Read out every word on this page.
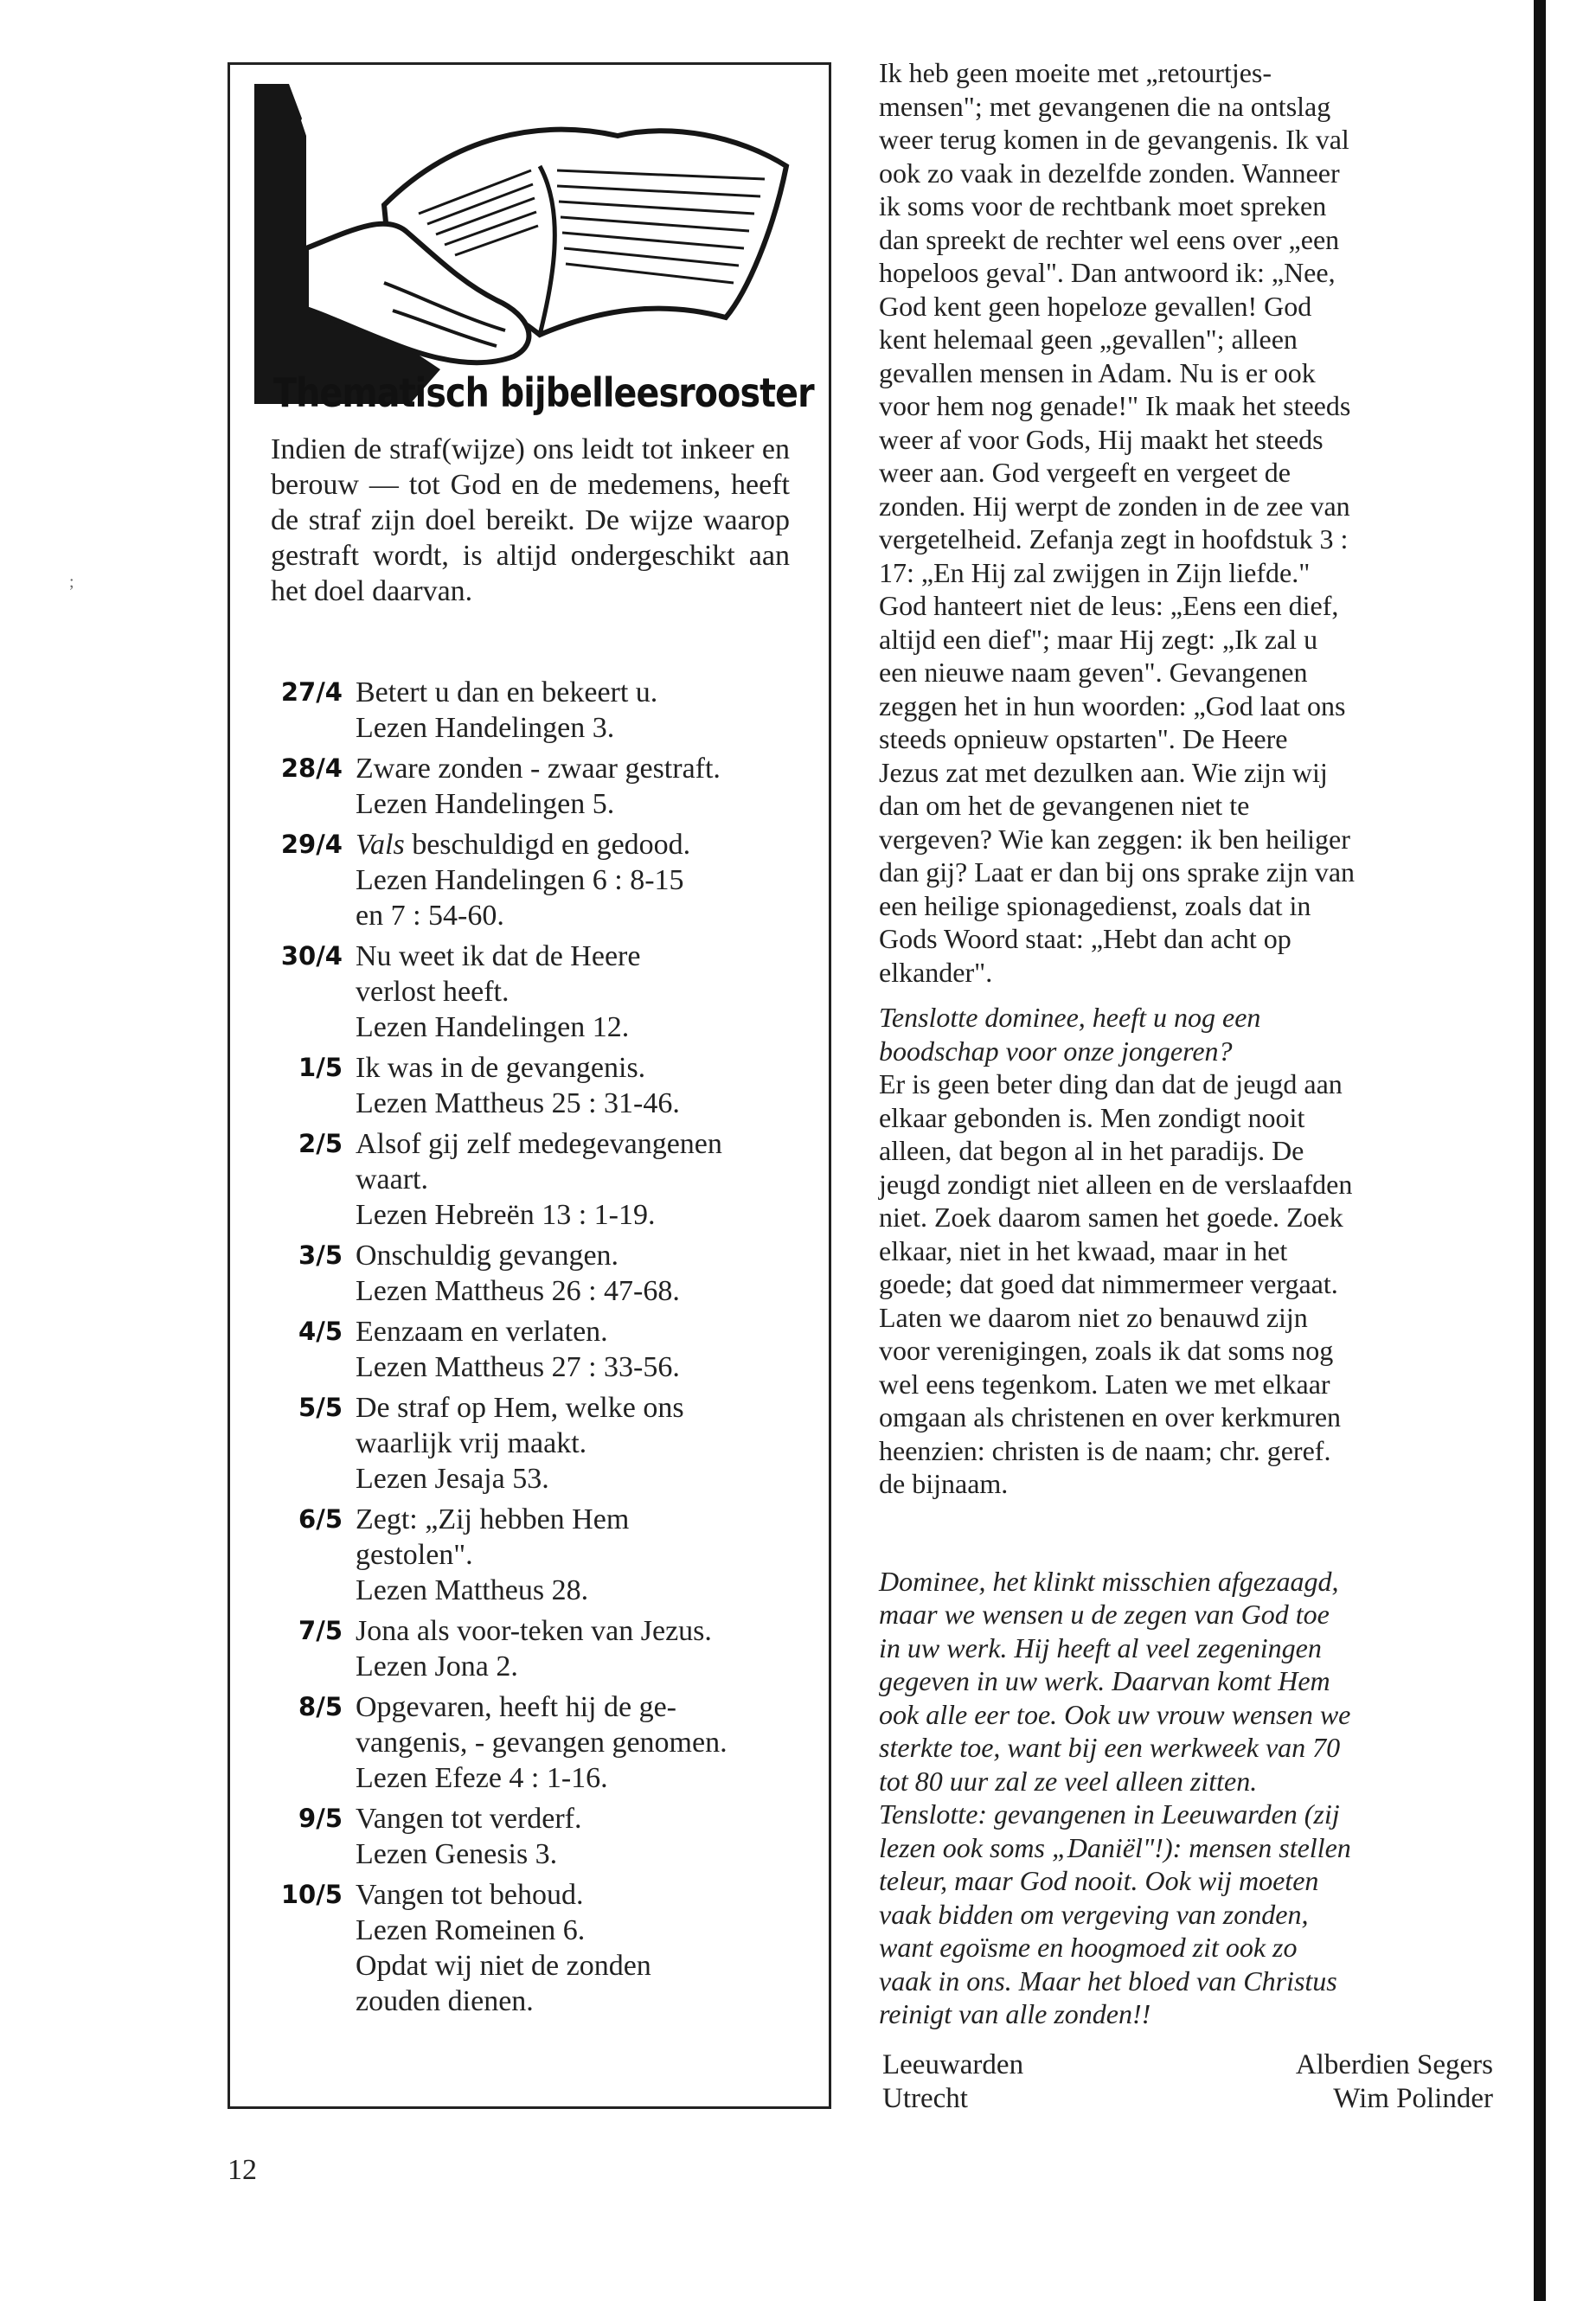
;
Thematisch bijbelleesrooster

Indien de straf(wijze) ons leidt tot inkeer en berouw — tot God en de medemens, heeft de straf zijn doel bereikt. De wijze waarop gestraft wordt, is altijd ondergeschikt aan het doel daarvan.

27/4 Betert u dan en bekeert u.
Lezen Handelingen 3.
28/4 Zware zonden - zwaar gestraft.
Lezen Handelingen 5.
29/4 Vals beschuldigd en gedood.
Lezen Handelingen 6 : 8-15
en 7 : 54-60.
30/4 Nu weet ik dat de Heere
verlost heeft.
Lezen Handelingen 12.
1/5 Ik was in de gevangenis.
Lezen Mattheus 25 : 31-46.
2/5 Alsof gij zelf medegevangenen
waart.
Lezen Hebreën 13 : 1-19.
3/5 Onschuldig gevangen.
Lezen Mattheus 26 : 47-68.
4/5 Eenzaam en verlaten.
Lezen Mattheus 27 : 33-56.
5/5 De straf op Hem, welke ons
waarlijk vrij maakt.
Lezen Jesaja 53.
6/5 Zegt: „Zij hebben Hem
gestolen".
Lezen Mattheus 28.
7/5 Jona als voor-teken van Jezus.
Lezen Jona 2.
8/5 Opgevaren, heeft hij de ge-
vangenis, - gevangen genomen.
Lezen Efeze 4 : 1-16.
9/5 Vangen tot verderf.
Lezen Genesis 3.
10/5 Vangen tot behoud.
Lezen Romeinen 6.
Opdat wij niet de zonden
zouden dienen.

Ik heb geen moeite met „retourtjes-
mensen"; met gevangenen die na ontslag
weer terug komen in de gevangenis. Ik val
ook zo vaak in dezelfde zonden. Wanneer
ik soms voor de rechtbank moet spreken
dan spreekt de rechter wel eens over „een
hopeloos geval". Dan antwoord ik: „Nee,
God kent geen hopeloze gevallen! God
kent helemaal geen „gevallen"; alleen
gevallen mensen in Adam. Nu is er ook
voor hem nog genade!" Ik maak het steeds
weer af voor Gods, Hij maakt het steeds
weer aan. God vergeeft en vergeet de
zonden. Hij werpt de zonden in de zee van
vergetelheid. Zefanja zegt in hoofdstuk 3 :
17: „En Hij zal zwijgen in Zijn liefde."
God hanteert niet de leus: „Eens een dief,
altijd een dief"; maar Hij zegt: „Ik zal u
een nieuwe naam geven". Gevangenen
zeggen het in hun woorden: „God laat ons
steeds opnieuw opstarten". De Heere
Jezus zat met dezulken aan. Wie zijn wij
dan om het de gevangenen niet te
vergeven? Wie kan zeggen: ik ben heiliger
dan gij? Laat er dan bij ons sprake zijn van
een heilige spionagedienst, zoals dat in
Gods Woord staat: „Hebt dan acht op
elkander".

Tenslotte dominee, heeft u nog een
boodschap voor onze jongeren?

Er is geen beter ding dan dat de jeugd aan
elkaar gebonden is. Men zondigt nooit
alleen, dat begon al in het paradijs. De
jeugd zondigt niet alleen en de verslaafden
niet. Zoek daarom samen het goede. Zoek
elkaar, niet in het kwaad, maar in het
goede; dat goed dat nimmermeer vergaat.
Laten we daarom niet zo benauwd zijn
voor verenigingen, zoals ik dat soms nog
wel eens tegenkom. Laten we met elkaar
omgaan als christenen en over kerkmuren
heenzien: christen is de naam; chr. geref.
de bijnaam.

Dominee, het klinkt misschien afgezaagd,
maar we wensen u de zegen van God toe
in uw werk. Hij heeft al veel zegeningen
gegeven in uw werk. Daarvan komt Hem
ook alle eer toe. Ook uw vrouw wensen we
sterkte toe, want bij een werkweek van 70
tot 80 uur zal ze veel alleen zitten.
Tenslotte: gevangenen in Leeuwarden (zij
lezen ook soms „Daniël"!): mensen stellen
teleur, maar God nooit. Ook wij moeten
vaak bidden om vergeving van zonden,
want egoïsme en hoogmoed zit ook zo
vaak in ons. Maar het bloed van Christus
reinigt van alle zonden!!

Leeuwarden
Utrecht
Alberdien Segers
Wim Polinder
12
